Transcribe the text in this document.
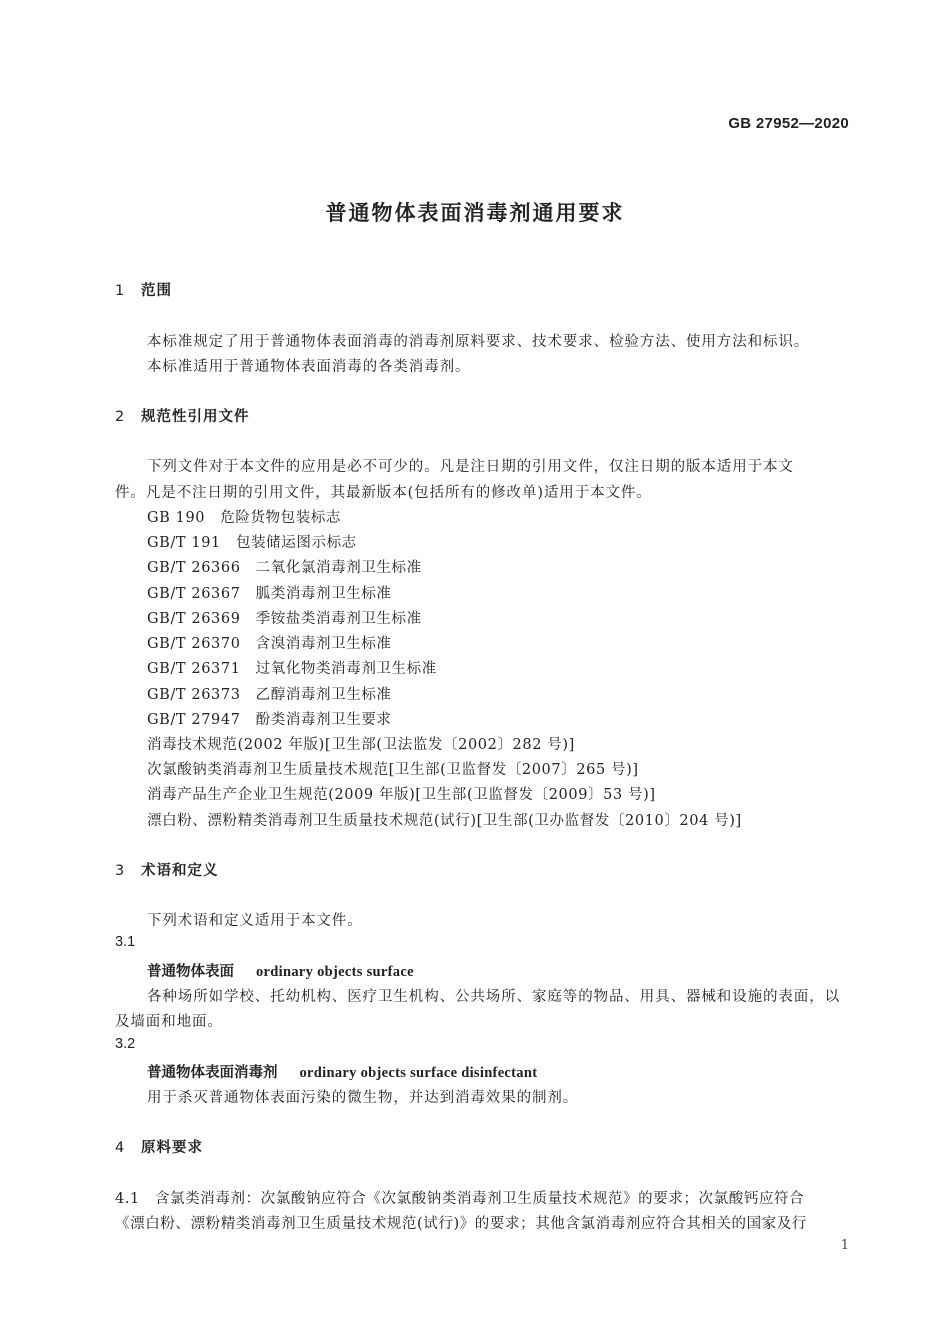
GB 27952—2020
普通物体表面消毒剂通用要求
1 范围
本标准规定了用于普通物体表面消毒的消毒剂原料要求、技术要求、检验方法、使用方法和标识。
本标准适用于普通物体表面消毒的各类消毒剂。
2 规范性引用文件
下列文件对于本文件的应用是必不可少的。凡是注日期的引用文件，仅注日期的版本适用于本文
件。凡是不注日期的引用文件，其最新版本(包括所有的修改单)适用于本文件。
GB 190　危险货物包装标志
GB/T 191　包装储运图示标志
GB/T 26366　二氧化氯消毒剂卫生标准
GB/T 26367　胍类消毒剂卫生标准
GB/T 26369　季铵盐类消毒剂卫生标准
GB/T 26370　含溴消毒剂卫生标准
GB/T 26371　过氧化物类消毒剂卫生标准
GB/T 26373　乙醇消毒剂卫生标准
GB/T 27947　酚类消毒剂卫生要求
消毒技术规范(2002 年版)[卫生部(卫法监发〔2002〕282 号)]
次氯酸钠类消毒剂卫生质量技术规范[卫生部(卫监督发〔2007〕265 号)]
消毒产品生产企业卫生规范(2009 年版)[卫生部(卫监督发〔2009〕53 号)]
漂白粉、漂粉精类消毒剂卫生质量技术规范(试行)[卫生部(卫办监督发〔2010〕204 号)]
3 术语和定义
下列术语和定义适用于本文件。
3.1
普通物体表面 ordinary objects surface
各种场所如学校、托幼机构、医疗卫生机构、公共场所、家庭等的物品、用具、器械和设施的表面，以
及墙面和地面。
3.2
普通物体表面消毒剂 ordinary objects surface disinfectant
用于杀灭普通物体表面污染的微生物，并达到消毒效果的制剂。
4 原料要求
4.1　含氯类消毒剂：次氯酸钠应符合《次氯酸钠类消毒剂卫生质量技术规范》的要求；次氯酸钙应符合
《漂白粉、漂粉精类消毒剂卫生质量技术规范(试行)》的要求；其他含氯消毒剂应符合其相关的国家及行
1
